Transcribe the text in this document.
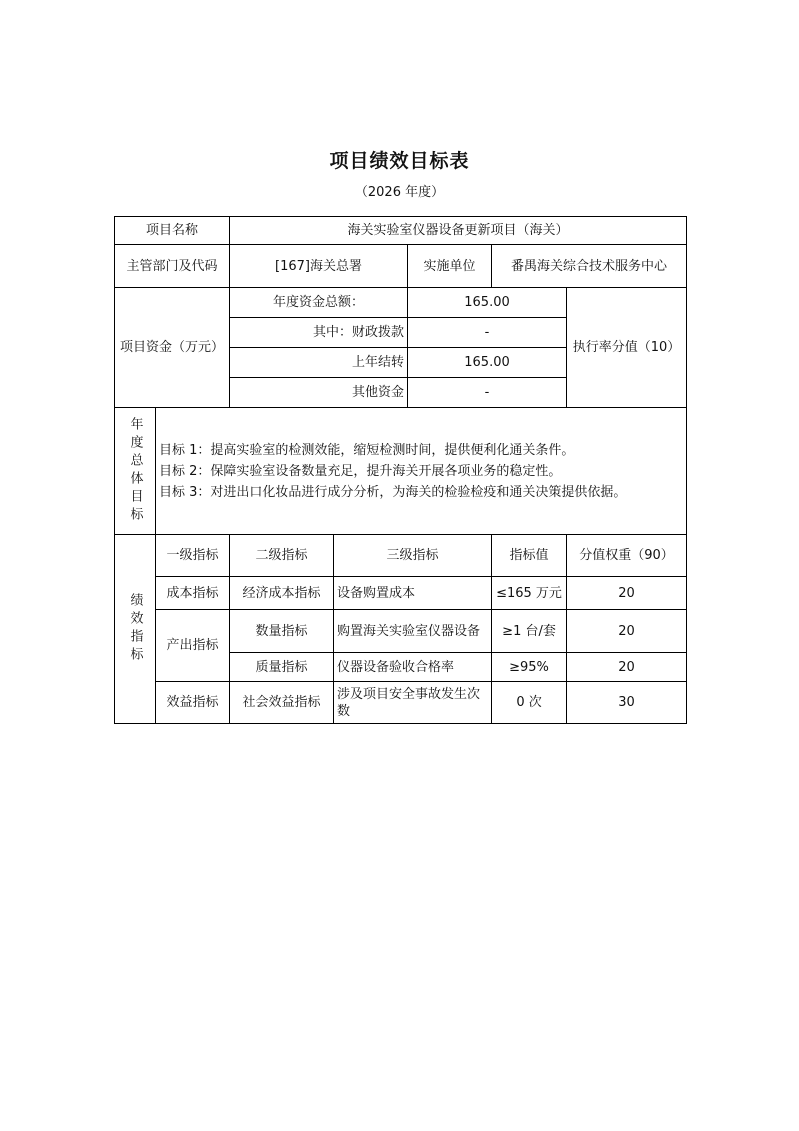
项目绩效目标表
（2026 年度）
项目名称		海关实验室仪器设备更新项目（海关）				
主管部门及代码		[167]海关总署		实施单位	番禺海关综合技术服务中心	
项目资金（万元）		年度资金总额：		165.00		执行率分值（10）
		其中：财政拨款		-		
		上年结转		165.00		
		其他资金		-		

年度总体目标	目标 1：提高实验室的检测效能，缩短检测时间，提供便利化通关条件。
目标 2：保障实验室设备数量充足，提升海关开展各项业务的稳定性。
目标 3：对进出口化妆品进行成分分析，为海关的检验检疫和通关决策提供依据。					

绩效指标	一级指标	二级指标	三级指标		指标值	分值权重（90）
	成本指标	经济成本指标	设备购置成本		≤165 万元	20
	产出指标	数量指标	购置海关实验室仪器设备		≥1 台/套	20
		质量指标	仪器设备验收合格率		≥95%	20
	效益指标	社会效益指标	涉及项目安全事故发生次数		0 次	30
